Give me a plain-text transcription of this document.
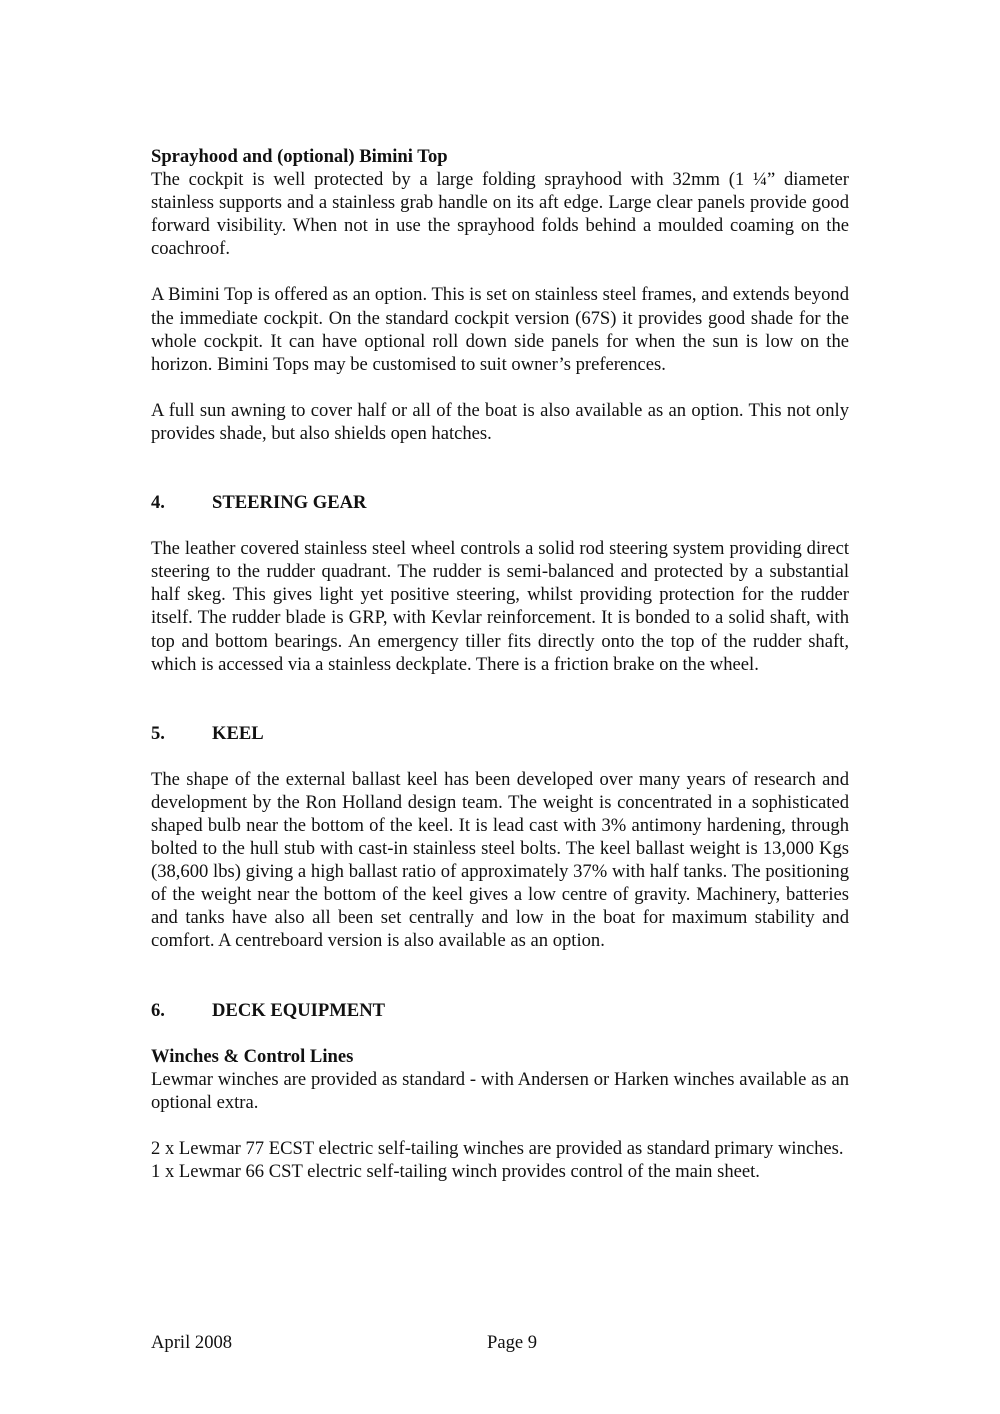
Sprayhood and (optional) Bimini Top

The cockpit is well protected by a large folding sprayhood with 32mm (1 ¼” diameter stainless supports and a stainless grab handle on its aft edge. Large clear panels provide good forward visibility. When not in use the sprayhood folds behind a moulded coaming on the coachroof.

A Bimini Top is offered as an option. This is set on stainless steel frames, and extends beyond the immediate cockpit. On the standard cockpit version (67S) it provides good shade for the whole cockpit. It can have optional roll down side panels for when the sun is low on the horizon. Bimini Tops may be customised to suit owner’s preferences.

A full sun awning to cover half or all of the boat is also available as an option. This not only provides shade, but also shields open hatches.

4.	STEERING GEAR

The leather covered stainless steel wheel controls a solid rod steering system providing direct steering to the rudder quadrant. The rudder is semi-balanced and protected by a substantial half skeg. This gives light yet positive steering, whilst providing protection for the rudder itself. The rudder blade is GRP, with Kevlar reinforcement. It is bonded to a solid shaft, with top and bottom bearings. An emergency tiller fits directly onto the top of the rudder shaft, which is accessed via a stainless deckplate. There is a friction brake on the wheel.

5.	KEEL

The shape of the external ballast keel has been developed over many years of research and development by the Ron Holland design team. The weight is concentrated in a sophisticated shaped bulb near the bottom of the keel. It is lead cast with 3% antimony hardening, through bolted to the hull stub with cast-in stainless steel bolts. The keel ballast weight is 13,000 Kgs (38,600 lbs) giving a high ballast ratio of approximately 37% with half tanks. The positioning of the weight near the bottom of the keel gives a low centre of gravity. Machinery, batteries and tanks have also all been set centrally and low in the boat for maximum stability and comfort. A centreboard version is also available as an option.

6.	DECK EQUIPMENT
Winches & Control Lines

Lewmar winches are provided as standard - with Andersen or Harken winches available as an optional extra.

2 x Lewmar 77 ECST electric self-tailing winches are provided as standard primary winches.

1 x Lewmar 66 CST electric self-tailing winch provides control of the main sheet.

April 2008	Page 9
